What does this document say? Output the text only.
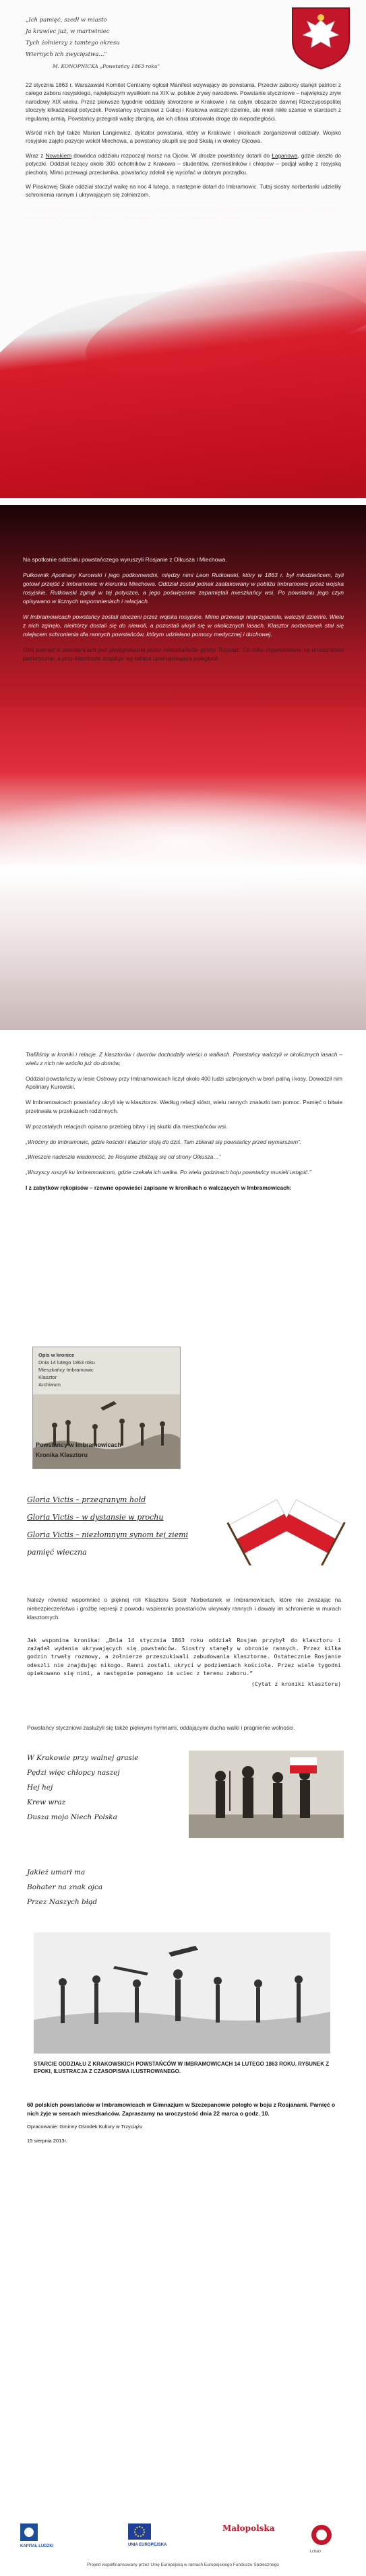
„Ich pamięć, szedł w miasto
Ja krawiec już, w martwiniec
Tych żołnierzy z tamtego okresu
Wiernych ich zwycięstwa..."
M. KONOPNICKA „Powstańcy 1863 roku"

22 stycznia 1863 r. Warszawski Komitet Centralny ogłosił Manifest wzywający do powstania. Przeciw zaborcy stanęli patrioci z całego zaboru rosyjskiego, największym wysiłkiem na XIX w. polskie zrywy narodowe. Powstanie styczniowe – największy zryw narodowy XIX wieku. Przez pierwsze tygodnie oddziały stworzone w Krakowie i na całym obszarze dawnej Rzeczypospolitej stoczyły kilkadziesiąt potyczek. Powstańcy styczniowi z Galicji i Krakowa walczyli dzielnie, ale mieli nikłe szanse w starciach z regularną armią. Powstańcy przegrali walkę zbrojną, ale ich ofiara utorowała drogę do niepodległości.

Wśród nich był także Marian Langiewicz, dyktator powstania, który w Krakowie i okolicach zorganizował oddziały. Wojsko rosyjskie zajęło pozycje wokół Miechowa, a powstańcy skupili się pod Skałą i w okolicy Ojcowa.

Wraz z Nowakiem dowódca oddziału rozpoczął marsz na Ojców. W drodze powstańcy dotarli do Łaganowa, gdzie doszło do potyczki. Oddział liczący około 300 ochotników z Krakowa – studentów, rzemieślników i chłopów – podjął walkę z rosyjską piechotą. Mimo przewagi przeciwnika, powstańcy zdołali się wycofać w dobrym porządku.

W Piaskowej Skale oddział stoczył walkę na noc 4 lutego, a następnie dotarł do Imbramowic. Tutaj siostry norbertanki udzieliły schronienia rannym i ukrywającym się żołnierzom.

Przybycie oddziału i bitwa nad rzeką upamiętnione zostały przez mieszkańców. W klasztorze zachowały się kroniki opisujące te wydarzenia. Wydarzenia 1863 roku na stałe wpisały się w historię Imbramowic i okolicznych wiosek.

Na spotkanie oddziału powstańczego wyruszyli Rosjanie z Olkusza i Miechowa.

Pułkownik Apolinary Kurowski i jego podkomendni, między nimi Leon Rutkowski, który w 1863 r. był młodzieńcem, byli gotowi przejść z Imbramowic w kierunku Miechowa. Oddział został jednak zaatakowany w pobliżu Imbramowic przez wojska rosyjskie. Rutkowski zginął w tej potyczce, a jego poświęcenie zapamiętali mieszkańcy wsi. Po powstaniu jego czyn opisywano w licznych wspomnieniach i relacjach.

W Imbramowicach powstańcy zostali otoczeni przez wojska rosyjskie. Mimo przewagi nieprzyjaciela, walczyli dzielnie. Wielu z nich zginęło, niektórzy dostali się do niewoli, a pozostali ukryli się w okolicznych lasach. Klasztor norbertanek stał się miejscem schronienia dla rannych powstańców, którym udzielano pomocy medycznej i duchowej.

Dziś pamięć o powstańcach jest pielęgnowana przez mieszkańców gminy Trzyciąż. Co roku organizowane są uroczystości patriotyczne, a przy klasztorze znajduje się tablica upamiętniająca poległych.

Trafiliśmy w kroniki i relacje. Z klasztorów i dworów dochodziły wieści o walkach. Powstańcy walczyli w okolicznych lasach – wielu z nich nie wróciło już do domów.

Oddział powstańczy w lesie Ostrowy przy Imbramowicach liczył około 400 ludzi uzbrojonych w broń palną i kosy. Dowodził nim Apolinary Kurowski.

W Imbramowicach powstańcy ukryli się w klasztorze. Według relacji sióstr, wielu rannych znalazło tam pomoc. Pamięć o bitwie przetrwała w przekazach rodzinnych.

W pozostałych relacjach opisano przebieg bitwy i jej skutki dla mieszkańców wsi.

„Wróćmy do Imbramowic, gdzie kościół i klasztor stoją do dziś. Tam zbierali się powstańcy przed wymarszem”.

„Wreszcie nadeszła wiadomość, że Rosjanie zbliżają się od strony Olkusza…”

„Wszyscy ruszyli ku Imbramowicom, gdzie czekała ich walka. Po wielu godzinach boju powstańcy musieli ustąpić.”

I z zabytków rękopisów – rzewne opowieści zapisane w kronikach o walczących w Imbramowicach:

Opis w kronice
Dnia 14 lutego 1863 roku
Mieszkańcy Imbramowic
Klasztor
Archiwum
Powstańcy w Imbramowicach
Kronika Klasztoru
Gloria Victis – przegranym hołd
Gloria Victis – w dystansie w prochu
Gloria Victis – niezłomnym synom tej ziemi
pamięć wieczna

Należy również wspomnieć o pięknej roli Klasztoru Sióstr Norbertanek w Imbramowicach, które nie zważając na niebezpieczeństwo i groźbę represji z powodu wspierania powstańców ukrywały rannych i dawały im schronienie w murach klasztornych.

Jak wspomina kronika: „Dnia 14 stycznia 1863 roku oddział Rosjan przybył do klasztoru i zażądał wydania ukrywających się powstańców. Siostry stanęły w obronie rannych. Przez kilka godzin trwały rozmowy, a żołnierze przeszukiwali zabudowania klasztorne. Ostatecznie Rosjanie odeszli nie znajdując nikogo. Ranni zostali ukryci w podziemiach kościoła. Przez wiele tygodni opiekowano się nimi, a następnie pomagano im uciec z terenu zaboru.”
(Cytat z kroniki klasztoru)

Powstańcy styczniowi zasłużyli się także pięknymi hymnami, oddającymi ducha walki i pragnienie wolności.

W Krakowie przy walnej grasie
Pędzi więc chłopcy naszej
Hej hej
Krew wraz
Dusza moja Niech Polska
Jakież umarł ma
Bohater na znak ojca
Przez Naszych błąd
STARCIE ODDZIAŁU Z KRAKOWSKICH POWSTAŃCÓW W IMBRAMOWICACH 14 LUTEGO 1863 ROKU. RYSUNEK Z EPOKI, ILUSTRACJA Z CZASOPISMA ILUSTROWANEGO.
60 polskich powstańców w Imbramowicach w Gimnazjum w Szczepanowie poległo w boju z Rosjanami. Pamięć o nich żyje w sercach mieszkańców. Zapraszamy na uroczystość dnia 22 marca o godz. 10.
Opracowanie: Gminny Ośrodek Kultury w Trzyciążu
15 sierpnia 2013r.
KAPITAŁ LUDZKI	UNIA EUROPEJSKA
Małopolska
LOGO
Projekt współfinansowany przez Unię Europejską w ramach Europejskiego Funduszu Społecznego
